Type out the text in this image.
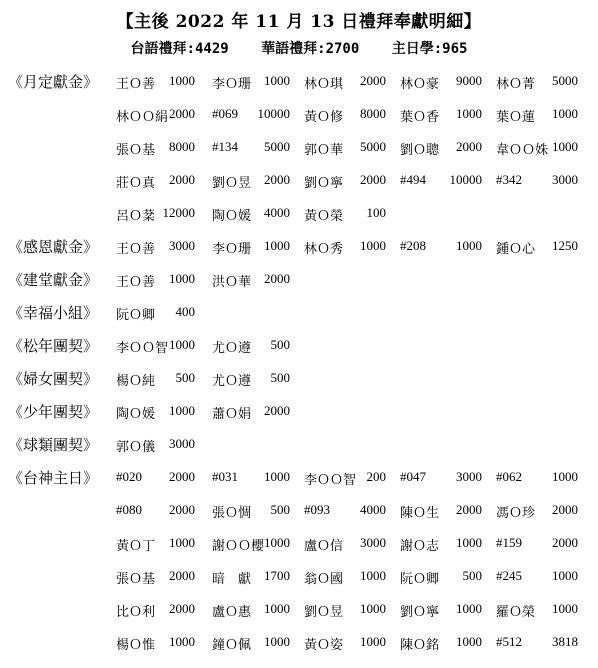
【主後 2022 年 11 月 13 日禮拜奉獻明細】
台語禮拜:4429 華語禮拜:2700 主日學:965
《月定獻金》 王Ｏ善 1000 李Ｏ珊 1000 林Ｏ琪 2000 林Ｏ豪 9000 林Ｏ菁 5000
林ＯＯ絹 2000 #069 10000 黃Ｏ修 8000 葉Ｏ香 1000 葉Ｏ蓮 1000
張Ｏ基 8000 #134 5000 郭Ｏ華 5000 劉Ｏ聰 2000 韋ＯＯ姝 1000
莊Ｏ真 2000 劉Ｏ昱 2000 劉Ｏ寧 2000 #494 10000 #342 3000
呂Ｏ棻 12000 陶Ｏ媛 4000 黃Ｏ榮 100
《感恩獻金》 王Ｏ善 3000 李Ｏ珊 1000 林Ｏ秀 1000 #208 1000 鍾Ｏ心 1250
《建堂獻金》 王Ｏ善 1000 洪Ｏ華 2000
《幸福小組》 阮Ｏ卿 400
《松年團契》 李ＯＯ智 1000 尤Ｏ遵 500
《婦女團契》 楊Ｏ純 500 尤Ｏ遵 500
《少年團契》 陶Ｏ媛 1000 蕭Ｏ娟 2000
《球類團契》 郭Ｏ儀 3000
《台神主日》 #020 2000 #031 1000 李ＯＯ智 200 #047 3000 #062 1000
#080 2000 張Ｏ惆 500 #093 4000 陳Ｏ生 2000 馮Ｏ珍 2000
黃Ｏ丁 1000 謝ＯＯ櫻 1000 盧Ｏ信 3000 謝Ｏ志 1000 #159 2000
張Ｏ基 2000 暗　獻 1700 翁Ｏ國 1000 阮Ｏ卿 500 #245 1000
比Ｏ利 2000 盧Ｏ惠 1000 劉Ｏ昱 1000 劉Ｏ寧 1000 羅Ｏ榮 1000
楊Ｏ惟 1000 鐘Ｏ佩 1000 黃Ｏ姿 1000 陳Ｏ銘 1000 #512 3818
